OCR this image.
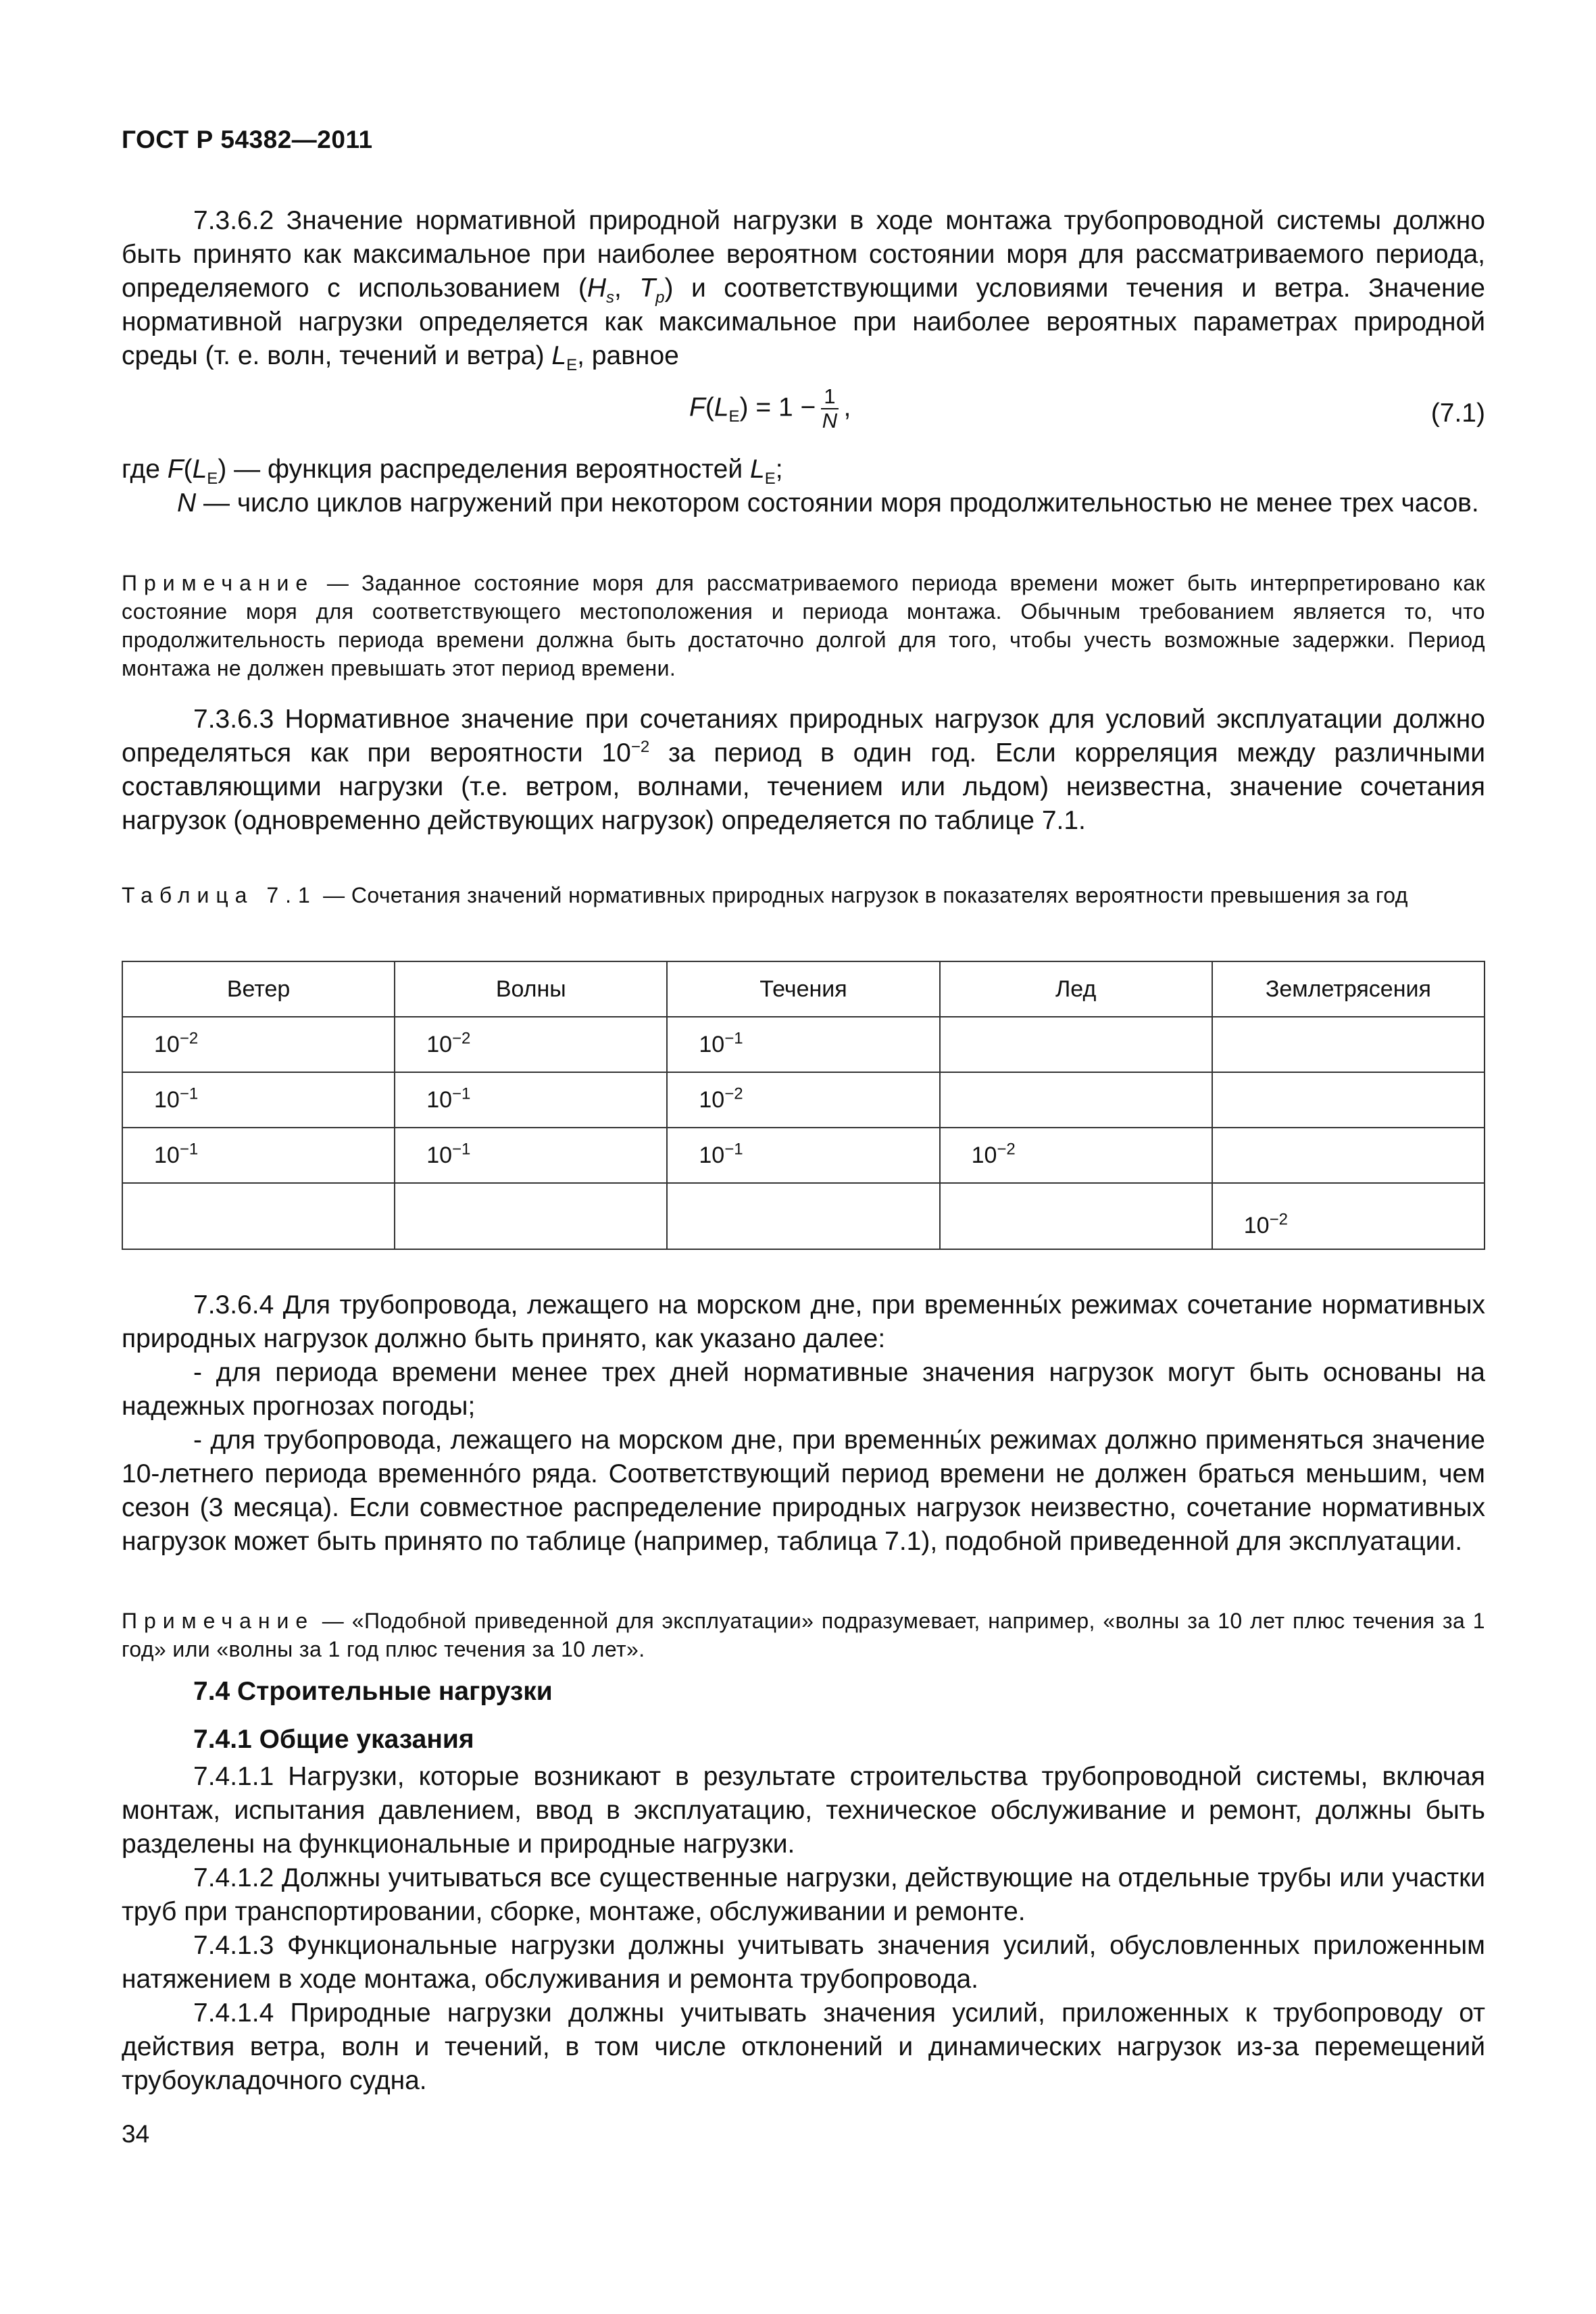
ГОСТ Р 54382—2011
7.3.6.2 Значение нормативной природной нагрузки в ходе монтажа трубопроводной системы должно быть принято как максимальное при наиболее вероятном состоянии моря для рассматриваемого периода, определяемого с использованием ($H_s$, $T_p$) и соответствующими условиями течения и ветра. Значение нормативной нагрузки определяется как максимальное при наиболее вероятных параметрах природной среды (т. е. волн, течений и ветра) $L_E$, равное
$F(L_E) = 1 - \frac{1}{N}$ ,	(7.1)
где $F(L_E)$ — функция распределения вероятностей $L_E$;
N — число циклов нагружений при некотором состоянии моря продолжительностью не менее трех часов.
Примечание — Заданное состояние моря для рассматриваемого периода времени может быть интерпретировано как состояние моря для соответствующего местоположения и периода монтажа. Обычным требованием является то, что продолжительность периода времени должна быть достаточно долгой для того, чтобы учесть возможные задержки. Период монтажа не должен превышать этот период времени.
7.3.6.3 Нормативное значение при сочетаниях природных нагрузок для условий эксплуатации должно определяться как при вероятности $10^{-2}$ за период в один год. Если корреляция между различными составляющими нагрузки (т.е. ветром, волнами, течением или льдом) неизвестна, значение сочетания нагрузок (одновременно действующих нагрузок) определяется по таблице 7.1.
Таблица 7.1 — Сочетания значений нормативных природных нагрузок в показателях вероятности превышения за год
Ветер	Волны	Течения	Лед	Землетрясения
$10^{-2}$	$10^{-2}$	$10^{-1}$		
$10^{-1}$	$10^{-1}$	$10^{-2}$		
$10^{-1}$	$10^{-1}$	$10^{-1}$	$10^{-2}$	
				$10^{-2}$
7.3.6.4 Для трубопровода, лежащего на морском дне, при временны́х режимах сочетание нормативных природных нагрузок должно быть принято, как указано далее:
- для периода времени менее трех дней нормативные значения нагрузок могут быть основаны на надежных прогнозах погоды;
- для трубопровода, лежащего на морском дне, при временны́х режимах должно применяться значение 10-летнего периода временно́го ряда. Соответствующий период времени не должен браться меньшим, чем сезон (3 месяца). Если совместное распределение природных нагрузок неизвестно, сочетание нормативных нагрузок может быть принято по таблице (например, таблица 7.1), подобной приведенной для эксплуатации.
Примечание — «Подобной приведенной для эксплуатации» подразумевает, например, «волны за 10 лет плюс течения за 1 год» или «волны за 1 год плюс течения за 10 лет».
7.4 Строительные нагрузки
7.4.1 Общие указания
7.4.1.1 Нагрузки, которые возникают в результате строительства трубопроводной системы, включая монтаж, испытания давлением, ввод в эксплуатацию, техническое обслуживание и ремонт, должны быть разделены на функциональные и природные нагрузки.
7.4.1.2 Должны учитываться все существенные нагрузки, действующие на отдельные трубы или участки труб при транспортировании, сборке, монтаже, обслуживании и ремонте.
7.4.1.3 Функциональные нагрузки должны учитывать значения усилий, обусловленных приложенным натяжением в ходе монтажа, обслуживания и ремонта трубопровода.
7.4.1.4 Природные нагрузки должны учитывать значения усилий, приложенных к трубопроводу от действия ветра, волн и течений, в том числе отклонений и динамических нагрузок из-за перемещений трубоукладочного судна.
34
